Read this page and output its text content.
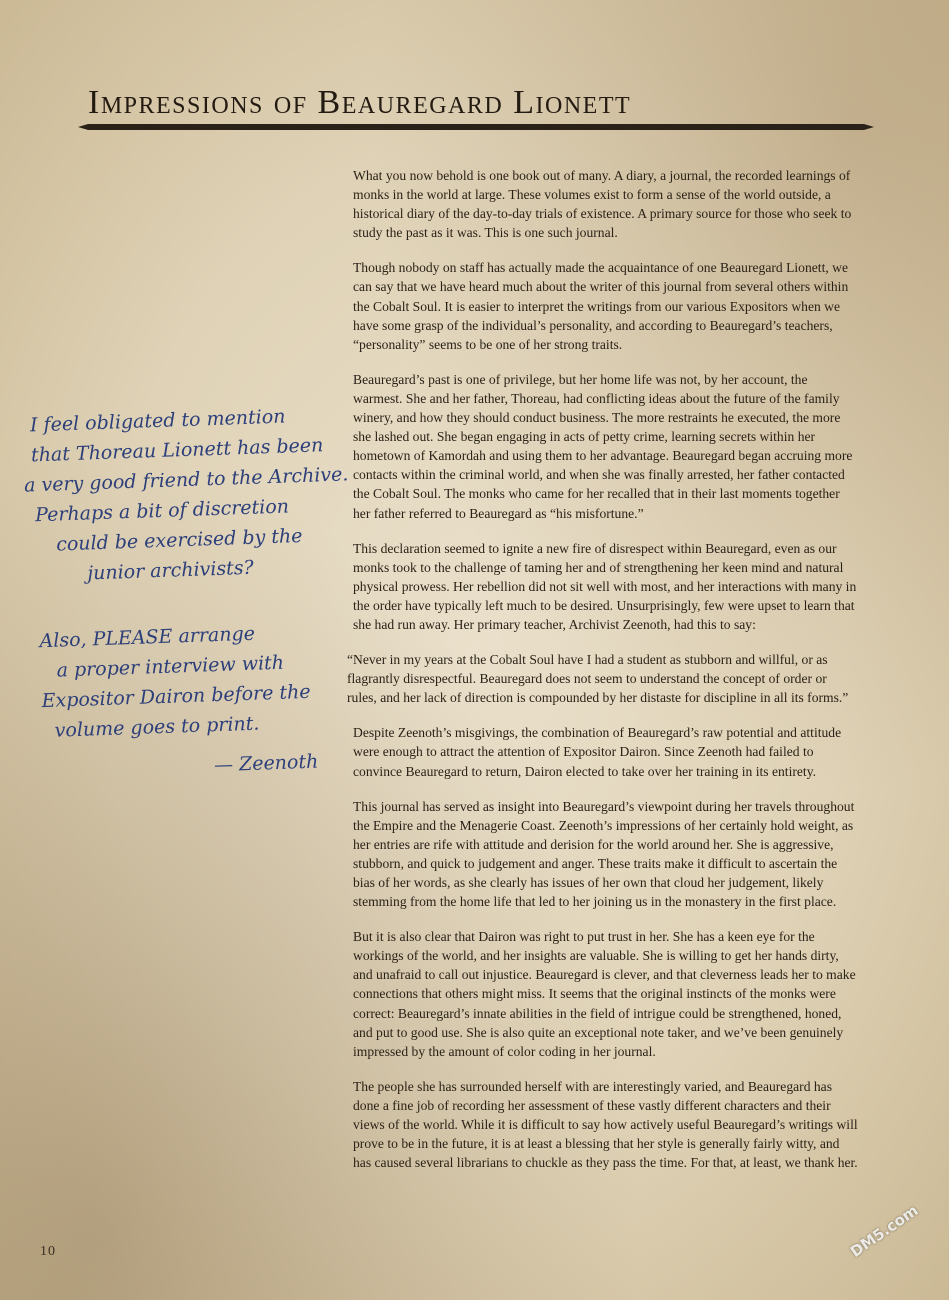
Impressions of Beauregard Lionett

What you now behold is one book out of many. A diary, a journal, the recorded learnings of monks in the world at large. These volumes exist to form a sense of the world outside, a historical diary of the day-to-day trials of existence. A primary source for those who seek to study the past as it was. This is one such journal.

Though nobody on staff has actually made the acquaintance of one Beauregard Lionett, we can say that we have heard much about the writer of this journal from several others within the Cobalt Soul. It is easier to interpret the writings from our various Expositors when we have some grasp of the individual’s personality, and according to Beauregard’s teachers, “personality” seems to be one of her strong traits.

Beauregard’s past is one of privilege, but her home life was not, by her account, the warmest. She and her father, Thoreau, had conflicting ideas about the future of the family winery, and how they should conduct business. The more restraints he executed, the more she lashed out. She began engaging in acts of petty crime, learning secrets within her hometown of Kamordah and using them to her advantage. Beauregard began accruing more contacts within the criminal world, and when she was finally arrested, her father contacted the Cobalt Soul. The monks who came for her recalled that in their last moments together her father referred to Beauregard as “his misfortune.”

This declaration seemed to ignite a new fire of disrespect within Beauregard, even as our monks took to the challenge of taming her and of strengthening her keen mind and natural physical prowess. Her rebellion did not sit well with most, and her interactions with many in the order have typically left much to be desired. Unsurprisingly, few were upset to learn that she had run away. Her primary teacher, Archivist Zeenoth, had this to say:

“Never in my years at the Cobalt Soul have I had a student as stubborn and willful, or as flagrantly disrespectful. Beauregard does not seem to understand the concept of order or rules, and her lack of direction is compounded by her distaste for discipline in all its forms.”

Despite Zeenoth’s misgivings, the combination of Beauregard’s raw potential and attitude were enough to attract the attention of Expositor Dairon. Since Zeenoth had failed to convince Beauregard to return, Dairon elected to take over her training in its entirety.

This journal has served as insight into Beauregard’s viewpoint during her travels throughout the Empire and the Menagerie Coast. Zeenoth’s impressions of her certainly hold weight, as her entries are rife with attitude and derision for the world around her. She is aggressive, stubborn, and quick to judgement and anger. These traits make it difficult to ascertain the bias of her words, as she clearly has issues of her own that cloud her judgement, likely stemming from the home life that led to her joining us in the monastery in the first place.

But it is also clear that Dairon was right to put trust in her. She has a keen eye for the workings of the world, and her insights are valuable. She is willing to get her hands dirty, and unafraid to call out injustice. Beauregard is clever, and that cleverness leads her to make connections that others might miss. It seems that the original instincts of the monks were correct: Beauregard’s innate abilities in the field of intrigue could be strengthened, honed, and put to good use. She is also quite an exceptional note taker, and we’ve been genuinely impressed by the amount of color coding in her journal.

The people she has surrounded herself with are interestingly varied, and Beauregard has done a fine job of recording her assessment of these vastly different characters and their views of the world. While it is difficult to say how actively useful Beauregard’s writings will prove to be in the future, it is at least a blessing that her style is generally fairly witty, and has caused several librarians to chuckle as they pass the time. For that, at least, we thank her.

I feel obligated to mention
that Thoreau Lionett has been
a very good friend to the Archive.
Perhaps a bit of discretion
could be exercised by the
junior archivists?
Also, PLEASE arrange
a proper interview with
Expositor Dairon before the
volume goes to print.
— Zeenoth
10	DM5.com
